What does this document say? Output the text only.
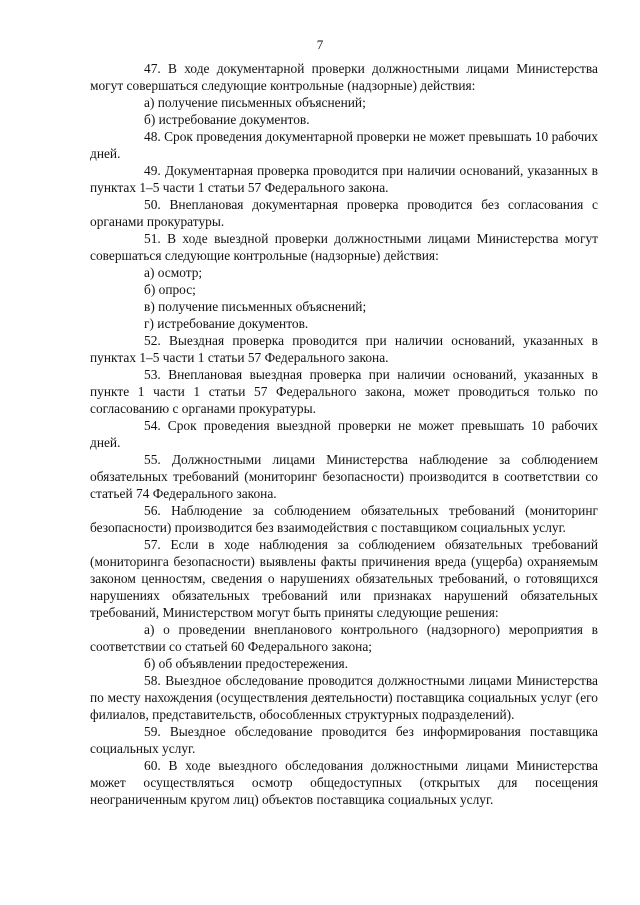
7

47. В ходе документарной проверки должностными лицами Министерства могут совершаться следующие контрольные (надзорные) действия:

а) получение письменных объяснений;

б) истребование документов.

48. Срок проведения документарной проверки не может превышать 10 рабочих дней.

49. Документарная проверка проводится при наличии оснований, указанных в пунктах 1–5 части 1 статьи 57 Федерального закона.

50. Внеплановая документарная проверка проводится без согласования с органами прокуратуры.

51. В ходе выездной проверки должностными лицами Министерства могут совершаться следующие контрольные (надзорные) действия:

а) осмотр;

б) опрос;

в) получение письменных объяснений;

г) истребование документов.

52. Выездная проверка проводится при наличии оснований, указанных в пунктах 1–5 части 1 статьи 57 Федерального закона.

53. Внеплановая выездная проверка при наличии оснований, указанных в пункте 1 части 1 статьи 57 Федерального закона, может проводиться только по согласованию с органами прокуратуры.

54. Срок проведения выездной проверки не может превышать 10 рабочих дней.

55. Должностными лицами Министерства наблюдение за соблюдением обязательных требований (мониторинг безопасности) производится в соответствии со статьей 74 Федерального закона.

56. Наблюдение за соблюдением обязательных требований (мониторинг безопасности) производится без взаимодействия с поставщиком социальных услуг.

57. Если в ходе наблюдения за соблюдением обязательных требований (мониторинга безопасности) выявлены факты причинения вреда (ущерба) охраняемым законом ценностям, сведения о нарушениях обязательных требований, о готовящихся нарушениях обязательных требований или признаках нарушений обязательных требований, Министерством могут быть приняты следующие решения:

а) о проведении внепланового контрольного (надзорного) мероприятия в соответствии со статьей 60 Федерального закона;

б) об объявлении предостережения.

58. Выездное обследование проводится должностными лицами Министерства по месту нахождения (осуществления деятельности) поставщика социальных услуг (его филиалов, представительств, обособленных структурных подразделений).

59. Выездное обследование проводится без информирования поставщика социальных услуг.

60. В ходе выездного обследования должностными лицами Министерства может осуществляться осмотр общедоступных (открытых для посещения неограниченным кругом лиц) объектов поставщика социальных услуг.
